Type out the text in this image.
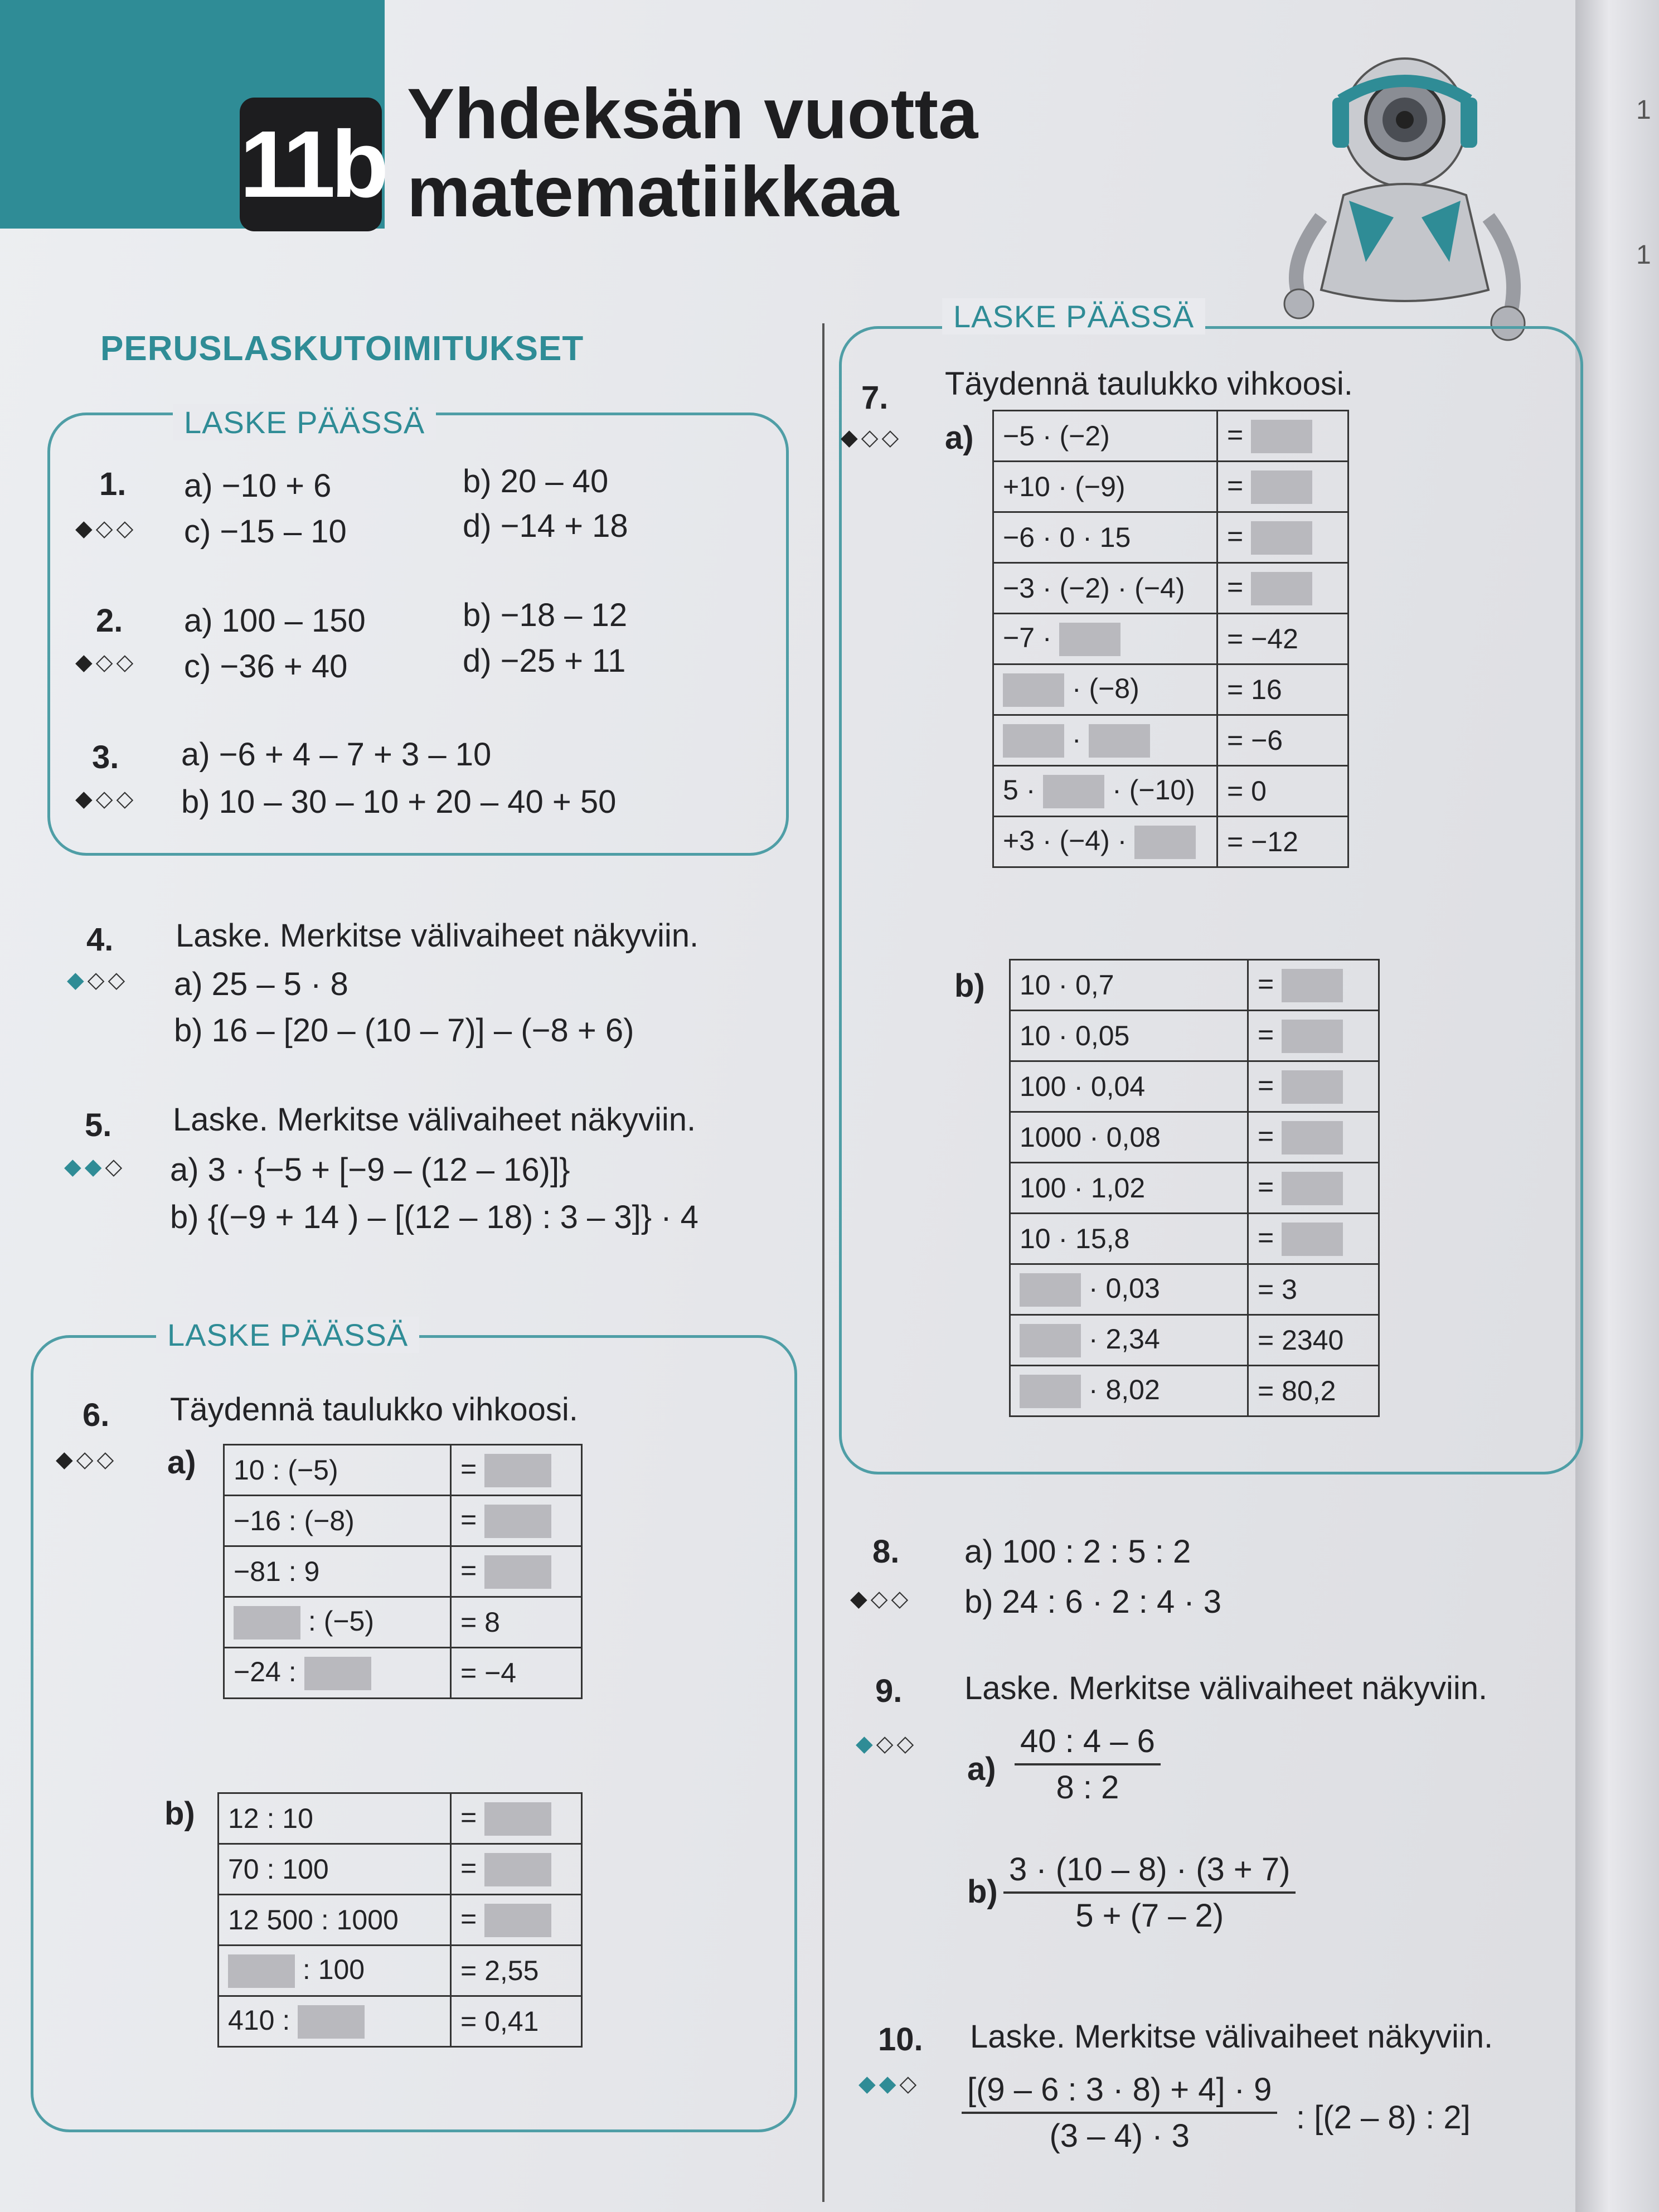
1
1
11b Yhdeksän vuotta
matematiikkaa
PERUSLASKUTOIMITUKSET
LASKE PÄÄSSÄ
1.
◆◇◇
a) −10 + 6	b) 20 – 40
c) −15 – 10	d) −14 + 18
2.
◆◇◇
a) 100 – 150	b) −18 – 12
c) −36 + 40	d) −25 + 11
3.
◆◇◇
a) −6 + 4 – 7 + 3 – 10
b) 10 – 30 – 10 + 20 – 40 + 50
4. Laske. Merkitse välivaiheet näkyviin.
◆◇◇ a) 25 – 5 · 8
b) 16 – [20 – (10 – 7)] – (−8 + 6)
5. Laske. Merkitse välivaiheet näkyviin.
◆◆◇ a) 3 · {−5 + [−9 – (12 – 16)]}
b) {(−9 + 14 ) – [(12 – 18) : 3 – 3]} · 4
LASKE PÄÄSSÄ
6. Täydennä taulukko vihkoosi.
◆◇◇ a) 10 : (−5)	=
−16 : (−8)	=
−81 : 9	=
: (−5)	= 8
−24 :	= −4
b) 12 : 10	=
70 : 100	=
12 500 : 1000	=
: 100	= 2,55
410 :	= 0,41
LASKE PÄÄSSÄ
7. Täydennä taulukko vihkoosi.
◆◇◇ a) −5 · (−2)	=
+10 · (−9)	=
−6 · 0 · 15	=
−3 · (−2) · (−4)	=
−7 ·	= −42
· (−8)	= 16
·	= −6
5 · · (−10)	= 0
+3 · (−4) ·	= −12
b) 10 · 0,7	=
10 · 0,05	=
100 · 0,04	=
1000 · 0,08	=
100 · 1,02	=
10 · 15,8	=
· 0,03	= 3
· 2,34	= 2340
· 8,02	= 80,2
8. a) 100 : 2 : 5 : 2
◆◇◇ b) 24 : 6 · 2 : 4 · 3
9. Laske. Merkitse välivaiheet näkyviin.
◆◇◇
$a) \frac{40 : 4 - 6}{8 : 2}$
$b) \frac{3 \cdot (10 - 8) \cdot (3 + 7)}{5 + (7 - 2)}$
10. Laske. Merkitse välivaiheet näkyviin.
◆◆◇ $\frac{[(9 - 6 : 3 \cdot 8) + 4] \cdot 9}{(3 - 4) \cdot 3}$ : [(2 – 8) : 2]
